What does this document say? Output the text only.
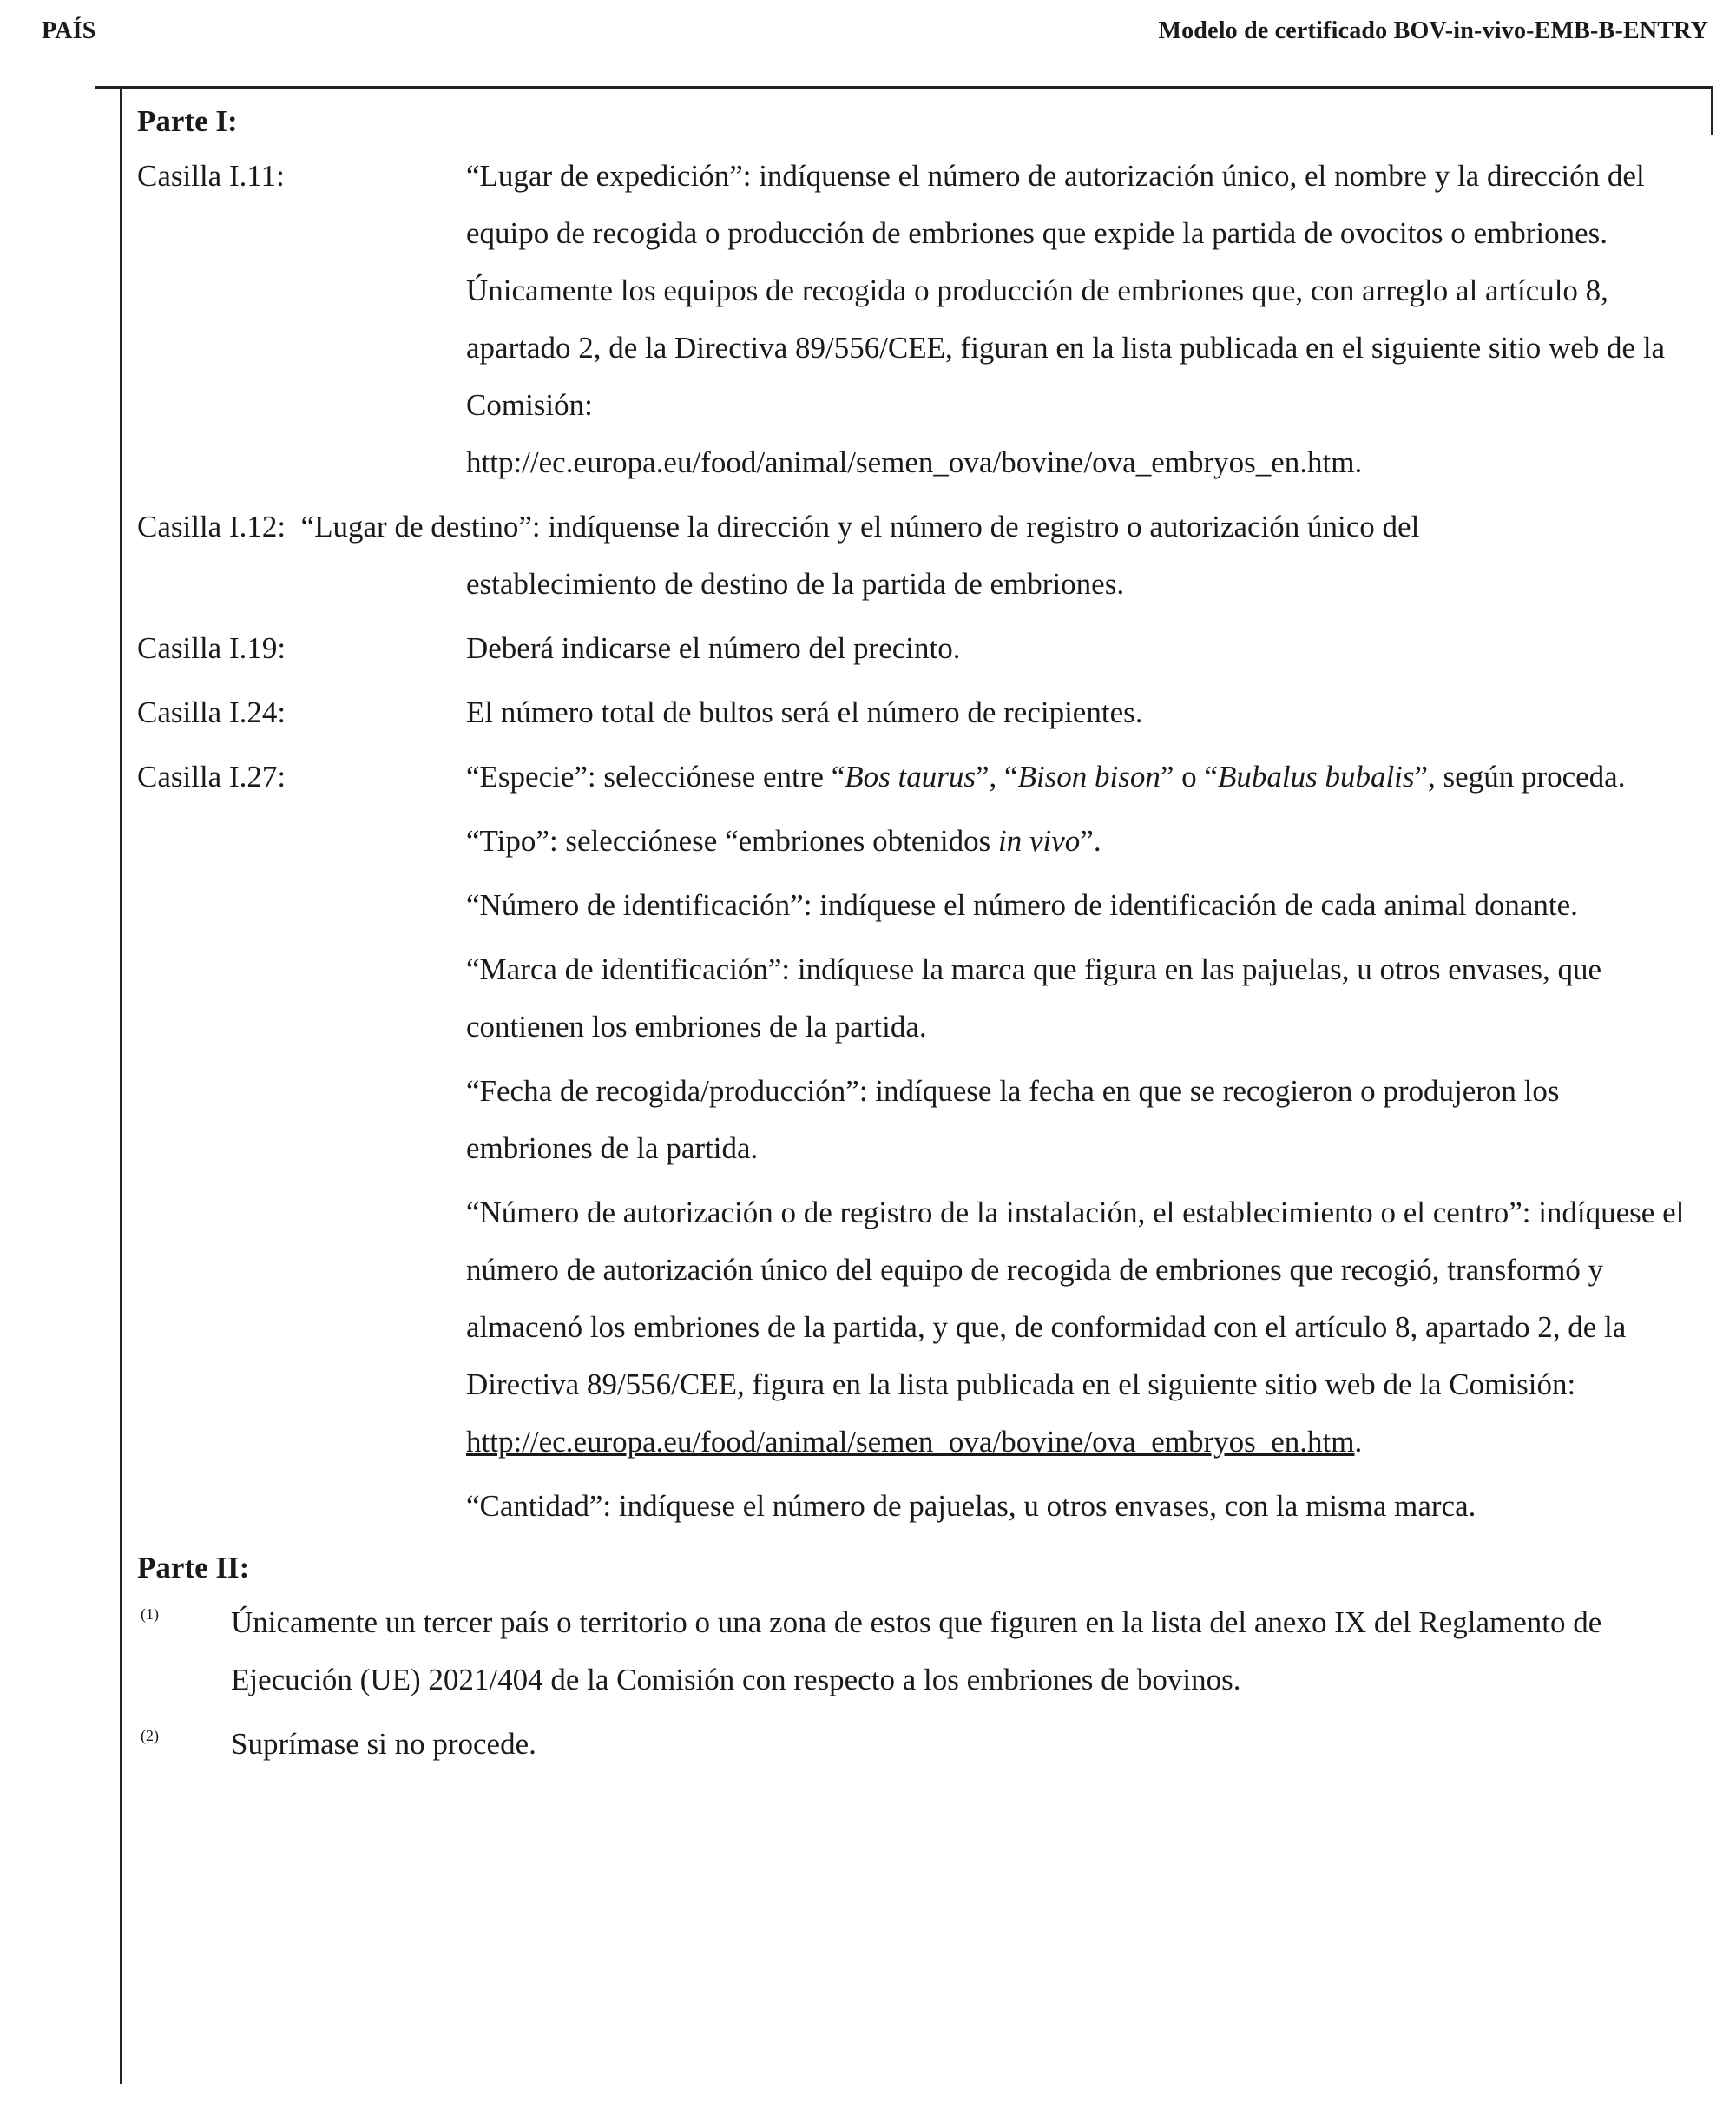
PAÍS	Modelo de certificado BOV-in-vivo-EMB-B-ENTRY
Parte I:
Casilla I.11:	“Lugar de expedición”: indíquense el número de autorización único, el nombre y la dirección del equipo de recogida o producción de embriones que expide la partida de ovocitos o embriones. Únicamente los equipos de recogida o producción de embriones que, con arreglo al artículo 8, apartado 2, de la Directiva 89/556/CEE, figuran en la lista publicada en el siguiente sitio web de la Comisión:
http://ec.europa.eu/food/animal/semen_ova/bovine/ova_embryos_en.htm.
Casilla I.12: “Lugar de destino”: indíquense la dirección y el número de registro o autorización único del
establecimiento de destino de la partida de embriones.
Casilla I.19:	Deberá indicarse el número del precinto.
Casilla I.24:	El número total de bultos será el número de recipientes.
Casilla I.27:	“Especie”: selecciónese entre “Bos taurus”, “Bison bison” o “Bubalus bubalis”, según proceda.
“Tipo”: selecciónese “embriones obtenidos in vivo”.
“Número de identificación”: indíquese el número de identificación de cada animal donante.
“Marca de identificación”: indíquese la marca que figura en las pajuelas, u otros envases, que contienen los embriones de la partida.
“Fecha de recogida/producción”: indíquese la fecha en que se recogieron o produjeron los embriones de la partida.
“Número de autorización o de registro de la instalación, el establecimiento o el centro”: indíquese el número de autorización único del equipo de recogida de embriones que recogió, transformó y almacenó los embriones de la partida, y que, de conformidad con el artículo 8, apartado 2, de la Directiva 89/556/CEE, figura en la lista publicada en el siguiente sitio web de la Comisión:
http://ec.europa.eu/food/animal/semen_ova/bovine/ova_embryos_en.htm.
“Cantidad”: indíquese el número de pajuelas, u otros envases, con la misma marca.
Parte II:
(1)	Únicamente un tercer país o territorio o una zona de estos que figuren en la lista del anexo IX del Reglamento de Ejecución (UE) 2021/404 de la Comisión con respecto a los embriones de bovinos.
(2)	Suprímase si no procede.
